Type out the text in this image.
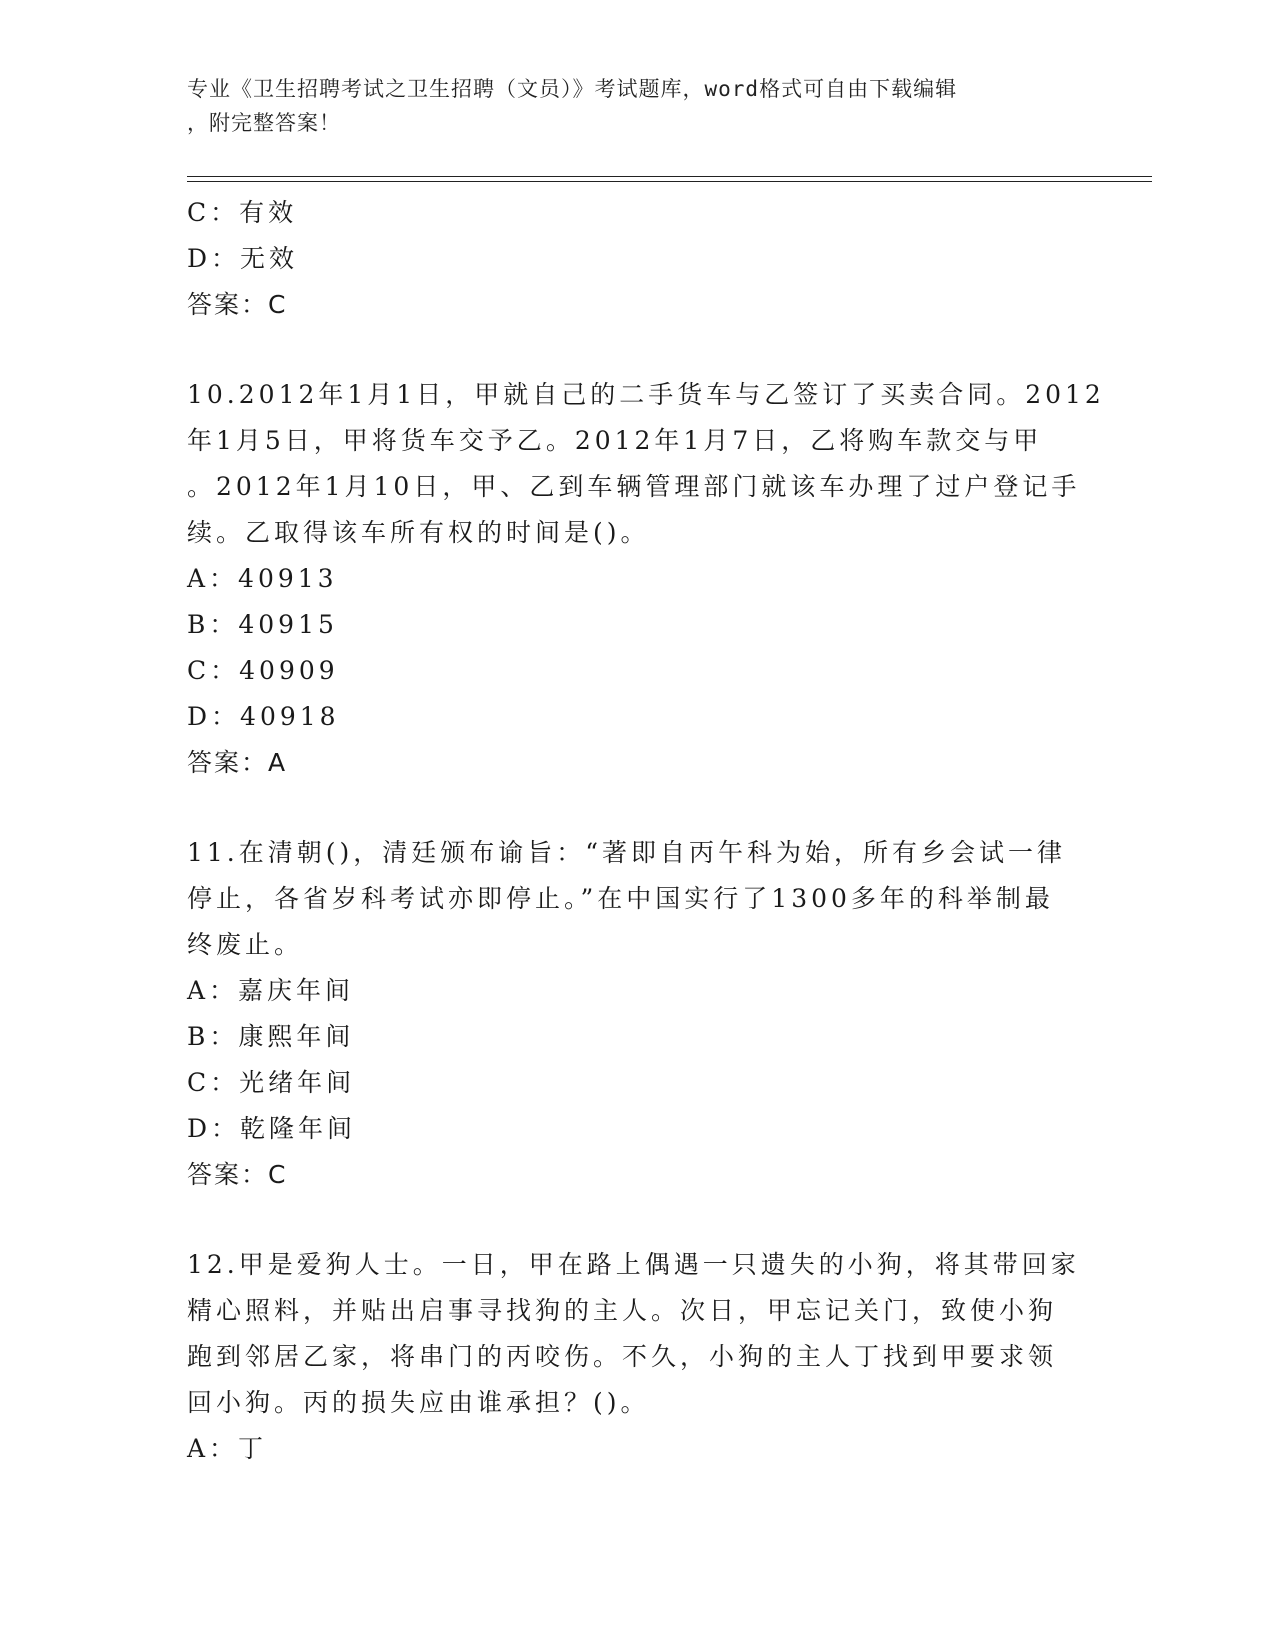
专业《卫生招聘考试之卫生招聘（文员）》考试题库，word格式可自由下载编辑
，附完整答案！
C：有效
D：无效
答案：C
10.2012年1月1日，甲就自己的二手货车与乙签订了买卖合同。2012
年1月5日，甲将货车交予乙。2012年1月7日，乙将购车款交与甲
。2012年1月10日，甲、乙到车辆管理部门就该车办理了过户登记手
续。乙取得该车所有权的时间是()。
A：40913
B：40915
C：40909
D：40918
答案：A
11.在清朝()，清廷颁布谕旨：“著即自丙午科为始，所有乡会试一律
停止，各省岁科考试亦即停止。”在中国实行了1300多年的科举制最
终废止。
A：嘉庆年间
B：康熙年间
C：光绪年间
D：乾隆年间
答案：C
12.甲是爱狗人士。一日，甲在路上偶遇一只遗失的小狗，将其带回家
精心照料，并贴出启事寻找狗的主人。次日，甲忘记关门，致使小狗
跑到邻居乙家，将串门的丙咬伤。不久，小狗的主人丁找到甲要求领
回小狗。丙的损失应由谁承担？()。
A：丁
